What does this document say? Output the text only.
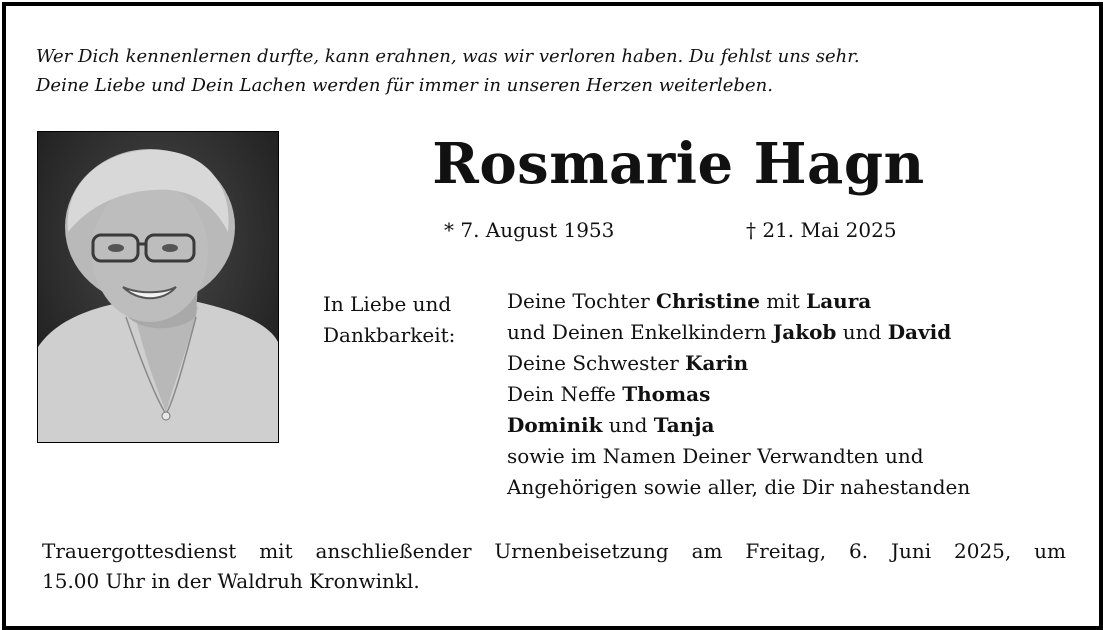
Wer Dich kennenlernen durfte, kann erahnen, was wir verloren haben. Du fehlst uns sehr.
Deine Liebe und Dein Lachen werden für immer in unseren Herzen weiterleben.
Rosmarie Hagn
* 7. August 1953	† 21. Mai 2025
In Liebe und
Dankbarkeit:
Deine Tochter Christine mit Laura
und Deinen Enkelkindern Jakob und David
Deine Schwester Karin
Dein Neffe Thomas
Dominik und Tanja
sowie im Namen Deiner Verwandten und
Angehörigen sowie aller, die Dir nahestanden
Trauergottesdienst mit anschließender Urnenbeisetzung am Freitag, 6. Juni 2025, um
15.00 Uhr in der Waldruh Kronwinkl.
